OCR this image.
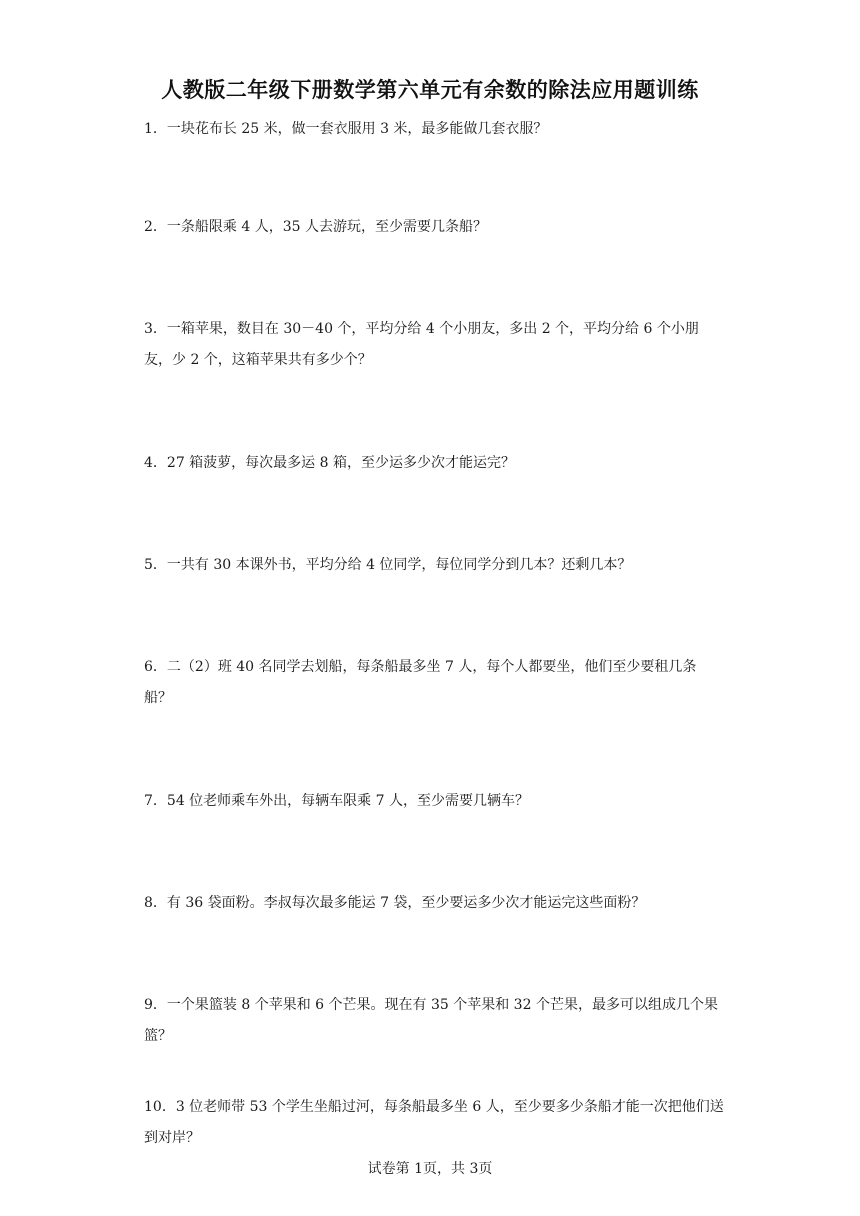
人教版二年级下册数学第六单元有余数的除法应用题训练
1．一块花布长 25 米，做一套衣服用 3 米，最多能做几套衣服？
2．一条船限乘 4 人，35 人去游玩，至少需要几条船？
3．一箱苹果，数目在 30－40 个，平均分给 4 个小朋友，多出 2 个，平均分给 6 个小朋友，少 2 个，这箱苹果共有多少个？
4．27 箱菠萝，每次最多运 8 箱，至少运多少次才能运完？
5．一共有 30 本课外书，平均分给 4 位同学，每位同学分到几本？还剩几本？
6．二（2）班 40 名同学去划船，每条船最多坐 7 人，每个人都要坐，他们至少要租几条船？
7．54 位老师乘车外出，每辆车限乘 7 人，至少需要几辆车？
8．有 36 袋面粉。李叔每次最多能运 7 袋，至少要运多少次才能运完这些面粉？
9．一个果篮装 8 个苹果和 6 个芒果。现在有 35 个苹果和 32 个芒果，最多可以组成几个果篮？
10．3 位老师带 53 个学生坐船过河，每条船最多坐 6 人，至少要多少条船才能一次把他们送到对岸？
试卷第 1页，共 3页
